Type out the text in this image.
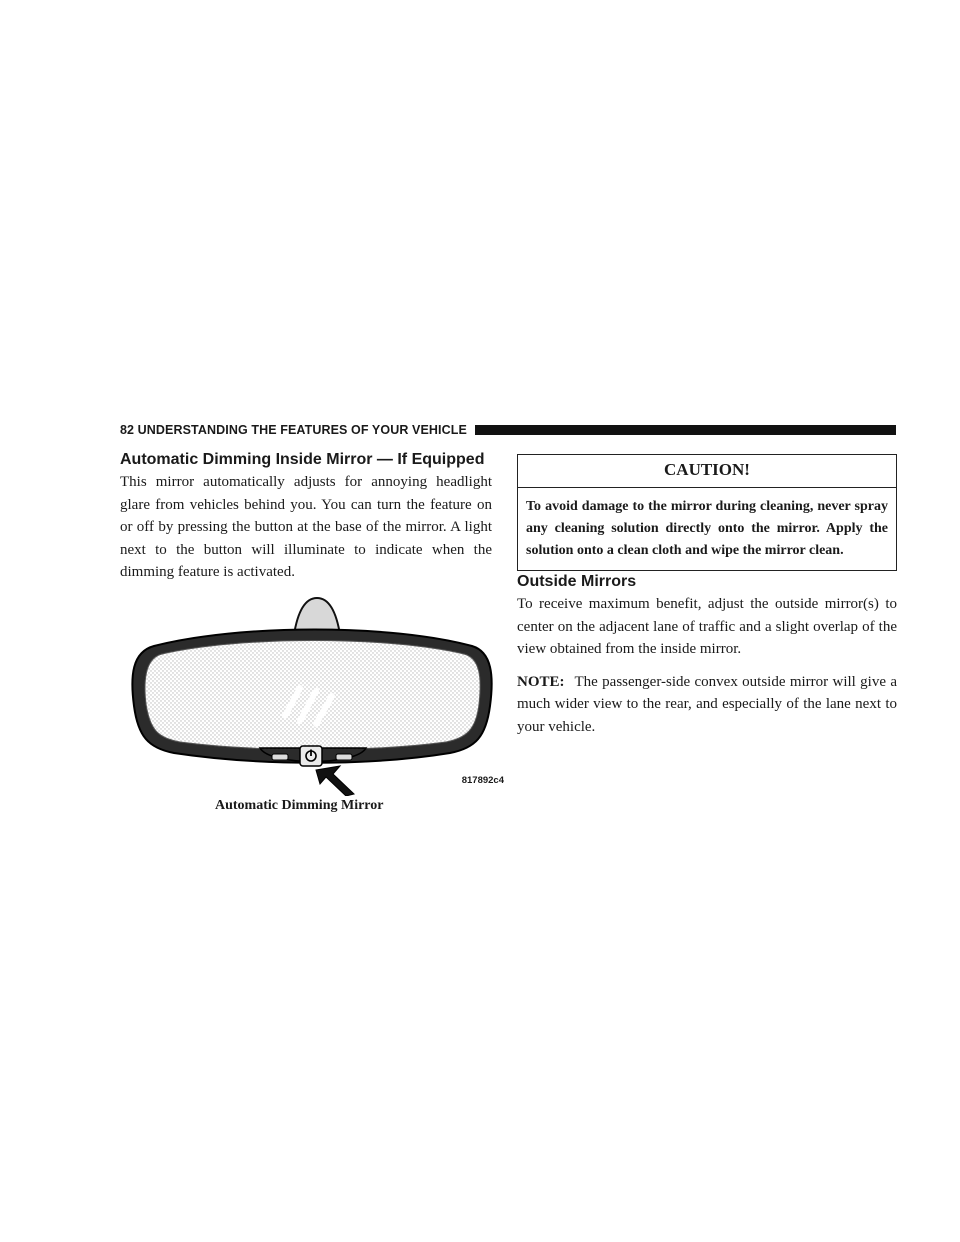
82 UNDERSTANDING THE FEATURES OF YOUR VEHICLE
Automatic Dimming Inside Mirror — If Equipped

This mirror automatically adjusts for annoying headlight glare from vehicles behind you. You can turn the feature on or off by pressing the button at the base of the mirror. A light next to the button will illuminate to indicate when the dimming feature is activated.

817892c4
Automatic Dimming Mirror
CAUTION!
To avoid damage to the mirror during cleaning, never spray any cleaning solution directly onto the mirror. Apply the solution onto a clean cloth and wipe the mirror clean.
Outside Mirrors

To receive maximum benefit, adjust the outside mirror(s) to center on the adjacent lane of traffic and a slight overlap of the view obtained from the inside mirror.

NOTE: The passenger-side convex outside mirror will give a much wider view to the rear, and especially of the lane next to your vehicle.
